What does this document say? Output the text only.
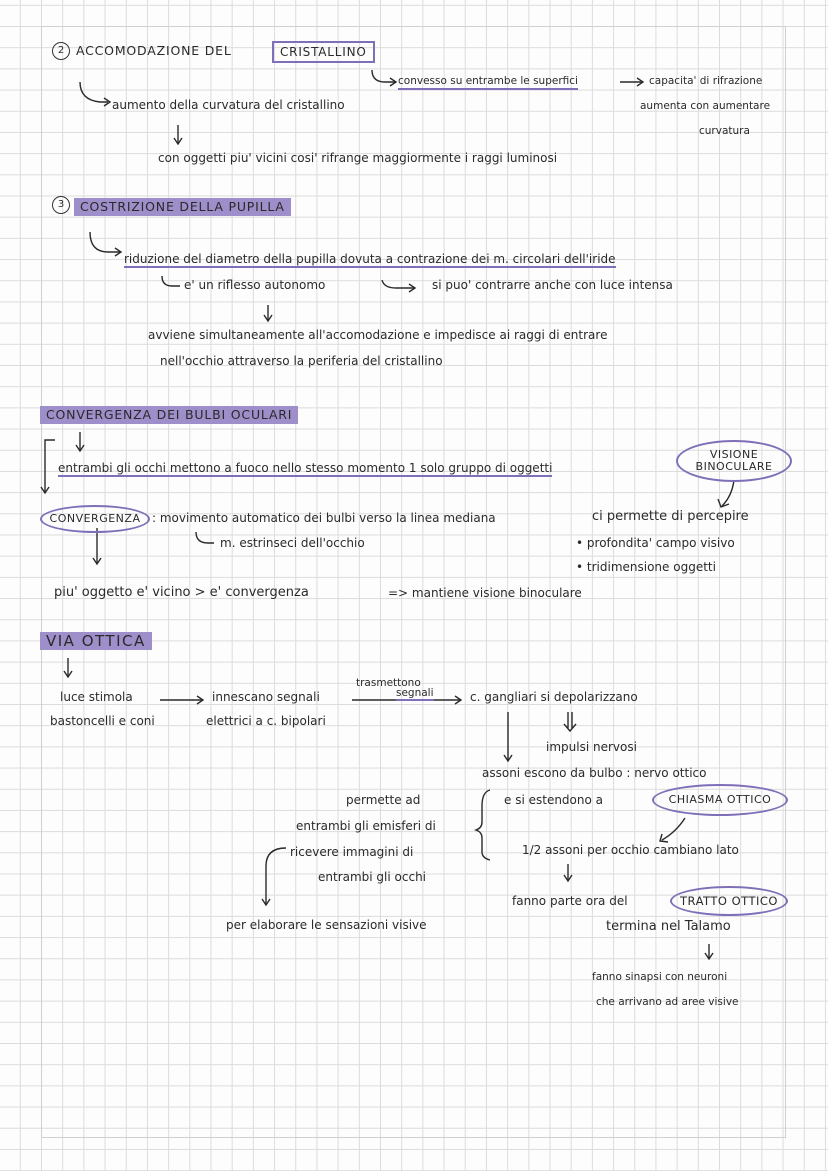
2 ACCOMODAZIONE DEL	CRISTALLINO
convesso su entrambe le superfici	capacita' di rifrazione
aumenta con aumentare
curvatura
aumento della curvatura del cristallino
con oggetti piu' vicini cosi' rifrange maggiormente i raggi luminosi
3	COSTRIZIONE DELLA PUPILLA
riduzione del diametro della pupilla dovuta a contrazione dei m. circolari dell'iride
e' un riflesso autonomo	si puo' contrarre anche con luce intensa
avviene simultaneamente all'accomodazione e impedisce ai raggi di entrare
nell'occhio attraverso la periferia del cristallino
CONVERGENZA DEI BULBI OCULARI
entrambi gli occhi mettono a fuoco nello stesso momento 1 solo gruppo di oggetti
VISIONE
BINOCULARE
CONVERGENZA : movimento automatico dei bulbi verso la linea mediana
m. estrinseci dell'occhio
ci permette di percepire
• profondita' campo visivo
• tridimensione oggetti
piu' oggetto e' vicino > e' convergenza	=> mantiene visione binoculare
VIA OTTICA
luce stimola
bastoncelli e coni
innescano segnali
elettrici a c. bipolari
trasmettono
segnali	c. gangliari si depolarizzano
impulsi nervosi
assoni escono da bulbo : nervo ottico
e si estendono a	CHIASMA OTTICO
permette ad
entrambi gli emisferi di
ricevere immagini di
entrambi gli occhi
1/2 assoni per occhio cambiano lato
per elaborare le sensazioni visive
fanno parte ora del	TRATTO OTTICO
termina nel Talamo
fanno sinapsi con neuroni
che arrivano ad aree visive
